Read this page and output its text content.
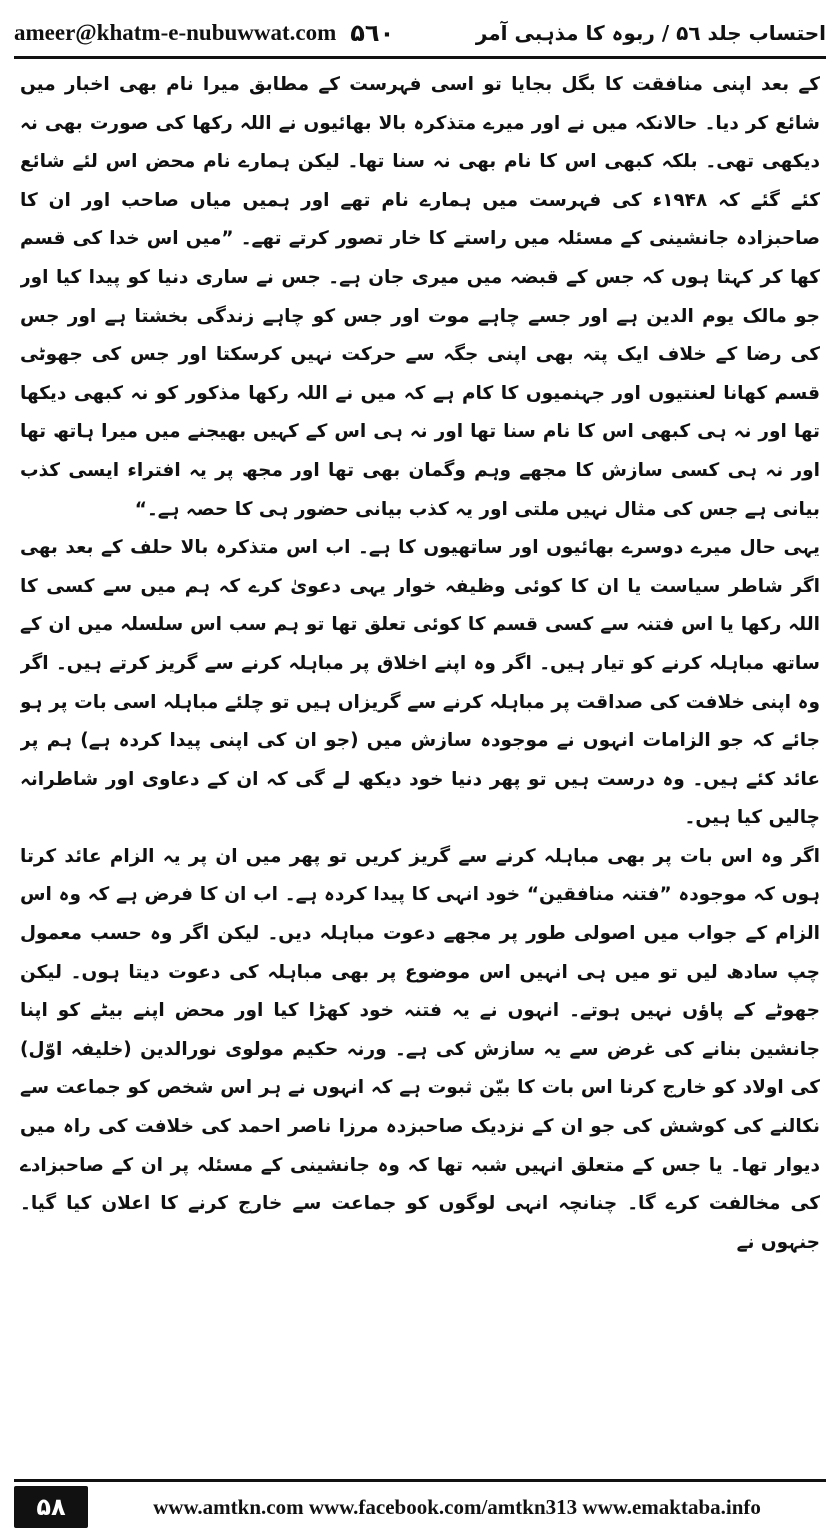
ameer@khatm-e-nubuwwat.com ۵٦۰	احتساب جلد ۵٦ / ربوہ کا مذہبی آمر

کے بعد اپنی منافقت کا بگل بجایا تو اسی فہرست کے مطابق میرا نام بھی اخبار میں شائع کر دیا۔ حالانکہ میں نے اور میرے متذکرہ بالا بھائیوں نے اللہ رکھا کی صورت بھی نہ دیکھی تھی۔ بلکہ کبھی اس کا نام بھی نہ سنا تھا۔ لیکن ہمارے نام محض اس لئے شائع کئے گئے کہ ۱۹۴۸ء کی فہرست میں ہمارے نام تھے اور ہمیں میاں صاحب اور ان کا صاحبزادہ جانشینی کے مسئلہ میں راستے کا خار تصور کرتے تھے۔ ”میں اس خدا کی قسم کھا کر کہتا ہوں کہ جس کے قبضہ میں میری جان ہے۔ جس نے ساری دنیا کو پیدا کیا اور جو مالک یوم الدین ہے اور جسے چاہے موت اور جس کو چاہے زندگی بخشتا ہے اور جس کی رضا کے خلاف ایک پتہ بھی اپنی جگہ سے حرکت نہیں کرسکتا اور جس کی جھوٹی قسم کھانا لعنتیوں اور جہنمیوں کا کام ہے کہ میں نے اللہ رکھا مذکور کو نہ کبھی دیکھا تھا اور نہ ہی کبھی اس کا نام سنا تھا اور نہ ہی اس کے کہیں بھیجنے میں میرا ہاتھ تھا اور نہ ہی کسی سازش کا مجھے وہم وگمان بھی تھا اور مجھ پر یہ افتراء ایسی کذب بیانی ہے جس کی مثال نہیں ملتی اور یہ کذب بیانی حضور ہی کا حصہ ہے۔“

یہی حال میرے دوسرے بھائیوں اور ساتھیوں کا ہے۔ اب اس متذکرہ بالا حلف کے بعد بھی اگر شاطر سیاست یا ان کا کوئی وظیفہ خوار یہی دعویٰ کرے کہ ہم میں سے کسی کا اللہ رکھا یا اس فتنہ سے کسی قسم کا کوئی تعلق تھا تو ہم سب اس سلسلہ میں ان کے ساتھ مباہلہ کرنے کو تیار ہیں۔ اگر وہ اپنے اخلاق پر مباہلہ کرنے سے گریز کرتے ہیں۔ اگر وہ اپنی خلافت کی صداقت پر مباہلہ کرنے سے گریزاں ہیں تو چلئے مباہلہ اسی بات پر ہو جائے کہ جو الزامات انہوں نے موجودہ سازش میں (جو ان کی اپنی پیدا کردہ ہے) ہم پر عائد کئے ہیں۔ وہ درست ہیں تو پھر دنیا خود دیکھ لے گی کہ ان کے دعاوی اور شاطرانہ چالیں کیا ہیں۔

اگر وہ اس بات پر بھی مباہلہ کرنے سے گریز کریں تو پھر میں ان پر یہ الزام عائد کرتا ہوں کہ موجودہ ”فتنہ منافقین“ خود انہی کا پیدا کردہ ہے۔ اب ان کا فرض ہے کہ وہ اس الزام کے جواب میں اصولی طور پر مجھے دعوت مباہلہ دیں۔ لیکن اگر وہ حسب معمول چپ سادھ لیں تو میں ہی انہیں اس موضوع پر بھی مباہلہ کی دعوت دیتا ہوں۔ لیکن جھوٹے کے پاؤں نہیں ہوتے۔ انہوں نے یہ فتنہ خود کھڑا کیا اور محض اپنے بیٹے کو اپنا جانشین بنانے کی غرض سے یہ سازش کی ہے۔ ورنہ حکیم مولوی نورالدین (خلیفہ اوّل) کی اولاد کو خارج کرنا اس بات کا بیّن ثبوت ہے کہ انہوں نے ہر اس شخص کو جماعت سے نکالنے کی کوشش کی جو ان کے نزدیک صاحبزدہ مرزا ناصر احمد کی خلافت کی راہ میں دیوار تھا۔ یا جس کے متعلق انہیں شبہ تھا کہ وہ جانشینی کے مسئلہ پر ان کے صاحبزادے کی مخالفت کرے گا۔ چنانچہ انہی لوگوں کو جماعت سے خارج کرنے کا اعلان کیا گیا۔ جنہوں نے

۵۸	www.amtkn.com www.facebook.com/amtkn313 www.emaktaba.info
